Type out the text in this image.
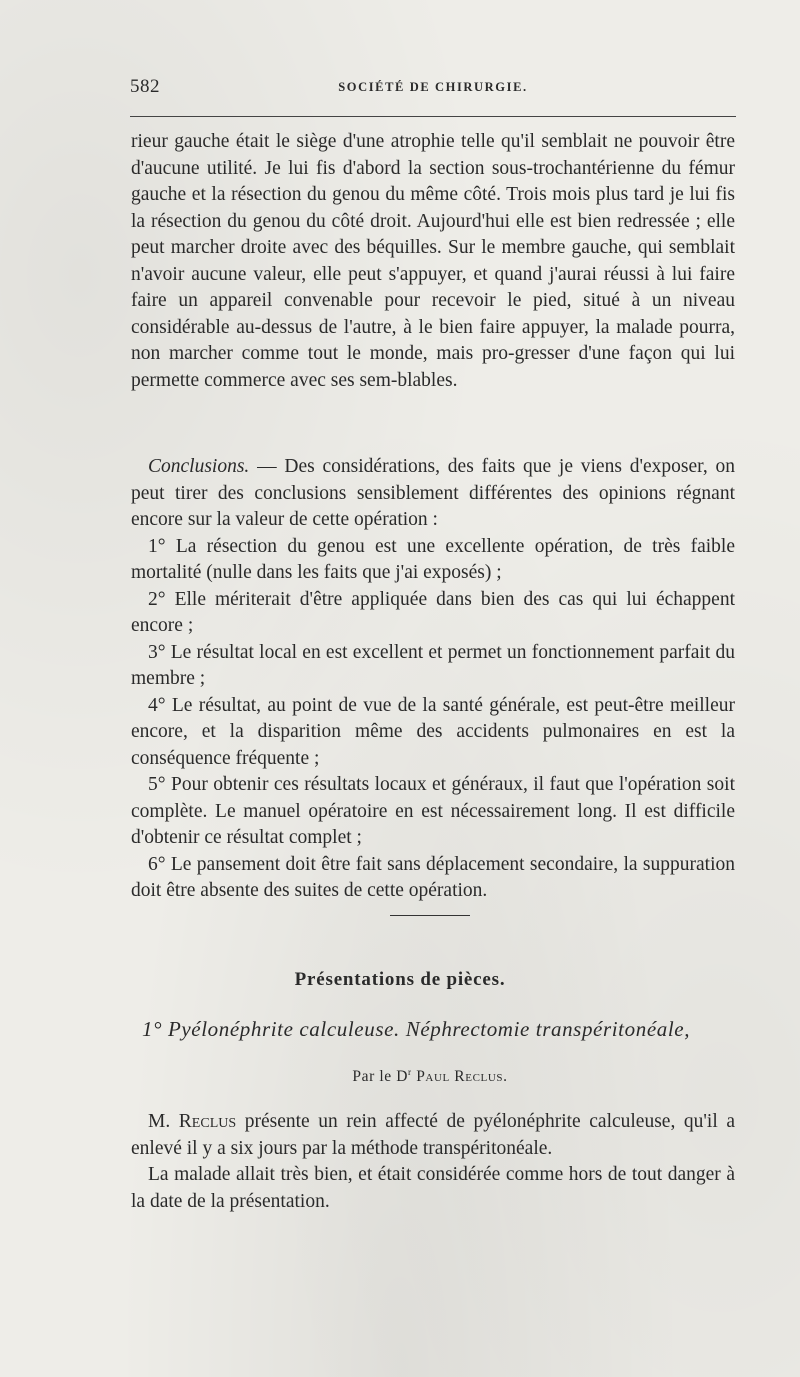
582	SOCIÉTÉ DE CHIRURGIE.

rieur gauche était le siège d'une atrophie telle qu'il semblait ne pouvoir être d'aucune utilité. Je lui fis d'abord la section sous-trochantérienne du fémur gauche et la résection du genou du même côté. Trois mois plus tard je lui fis la résection du genou du côté droit. Aujourd'hui elle est bien redressée ; elle peut marcher droite avec des béquilles. Sur le membre gauche, qui semblait n'avoir aucune valeur, elle peut s'appuyer, et quand j'aurai réussi à lui faire faire un appareil convenable pour recevoir le pied, situé à un niveau considérable au-dessus de l'autre, à le bien faire appuyer, la malade pourra, non marcher comme tout le monde, mais pro-gresser d'une façon qui lui permette commerce avec ses sem-blables.

Conclusions. — Des considérations, des faits que je viens d'exposer, on peut tirer des conclusions sensiblement différentes des opinions régnant encore sur la valeur de cette opération :

1° La résection du genou est une excellente opération, de très faible mortalité (nulle dans les faits que j'ai exposés) ;

2° Elle mériterait d'être appliquée dans bien des cas qui lui échappent encore ;

3° Le résultat local en est excellent et permet un fonctionnement parfait du membre ;

4° Le résultat, au point de vue de la santé générale, est peut-être meilleur encore, et la disparition même des accidents pulmonaires en est la conséquence fréquente ;

5° Pour obtenir ces résultats locaux et généraux, il faut que l'opération soit complète. Le manuel opératoire en est nécessairement long. Il est difficile d'obtenir ce résultat complet ;

6° Le pansement doit être fait sans déplacement secondaire, la suppuration doit être absente des suites de cette opération.

Présentations de pièces.
1° Pyélonéphrite calculeuse. Néphrectomie transpéritonéale,
Par le $D^r$ Paul Reclus.

M. Reclus présente un rein affecté de pyélonéphrite calculeuse, qu'il a enlevé il y a six jours par la méthode transpéritonéale.

La malade allait très bien, et était considérée comme hors de tout danger à la date de la présentation.
